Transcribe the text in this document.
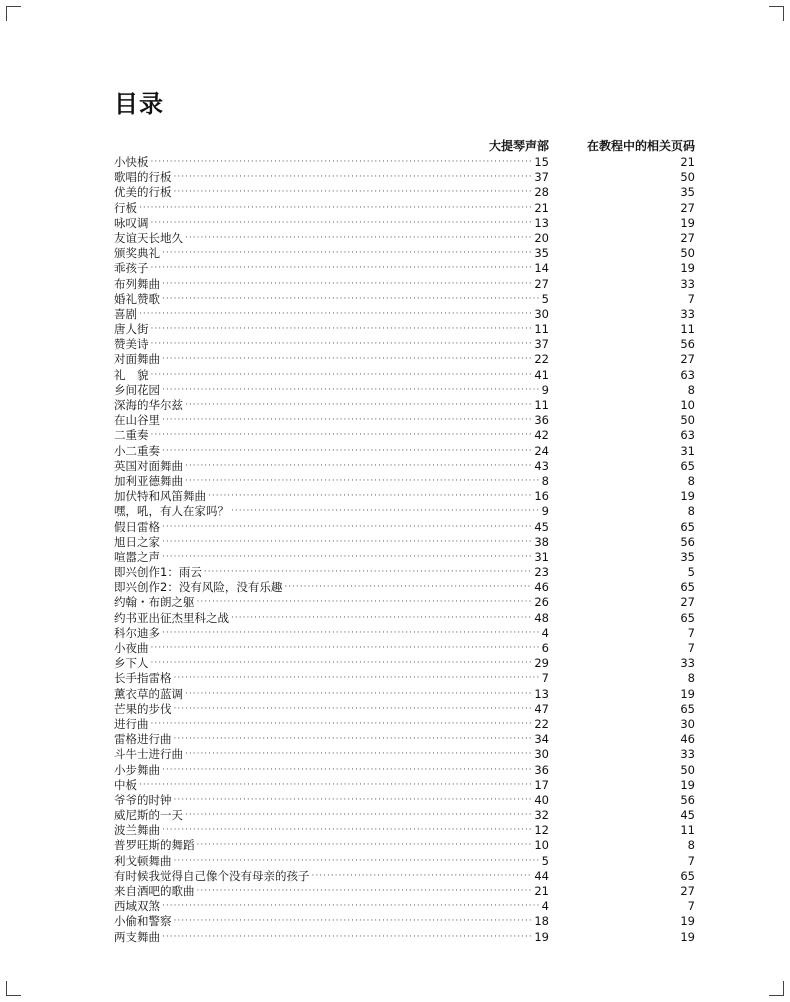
目录
大提琴声部	在教程中的相关页码
小快板 ·····	15	21
歌唱的行板 ·····	37	50
优美的行板 ·····	28	35
行板 ·····	21	27
咏叹调 ·····	13	19
友谊天长地久 ·····	20	27
颁奖典礼 ·····	35	50
乖孩子 ·····	14	19
布列舞曲 ·····	27	33
婚礼赞歌 ·····	5	7
喜剧 ·····	30	33
唐人街 ·····	11	11
赞美诗 ·····	37	56
对面舞曲 ·····	22	27
礼　貌 ·····	41	63
乡间花园 ·····	9	8
深海的华尔兹 ·····	11	10
在山谷里 ·····	36	50
二重奏 ·····	42	63
小二重奏 ·····	24	31
英国对面舞曲 ·····	43	65
加利亚德舞曲 ·····	8	8
加伏特和风笛舞曲 ·····	16	19
嘿，吼，有人在家吗？ ·····	9	8
假日雷格 ·····	45	65
旭日之家 ·····	38	56
喧嚣之声 ·····	31	35
即兴创作1：雨云 ·····	23	5
即兴创作2：没有风险，没有乐趣 ·····	46	65
约翰・布朗之躯 ·····	26	27
约书亚出征杰里科之战 ·····	48	65
科尔迪多 ·····	4	7
小夜曲 ·····	6	7
乡下人 ·····	29	33
长手指雷格 ·····	7	8
薰衣草的蓝调 ·····	13	19
芒果的步伐 ·····	47	65
进行曲 ·····	22	30
雷格进行曲 ·····	34	46
斗牛士进行曲 ·····	30	33
小步舞曲 ·····	36	50
中板 ·····	17	19
爷爷的时钟 ·····	40	56
威尼斯的一天 ·····	32	45
波兰舞曲 ·····	12	11
普罗旺斯的舞蹈 ·····	10	8
利戈顿舞曲 ·····	5	7
有时候我觉得自己像个没有母亲的孩子 ·····	44	65
来自酒吧的歌曲 ·····	21	27
西域双煞 ·····	4	7
小偷和警察 ·····	18	19
两支舞曲 ·····	19	19
